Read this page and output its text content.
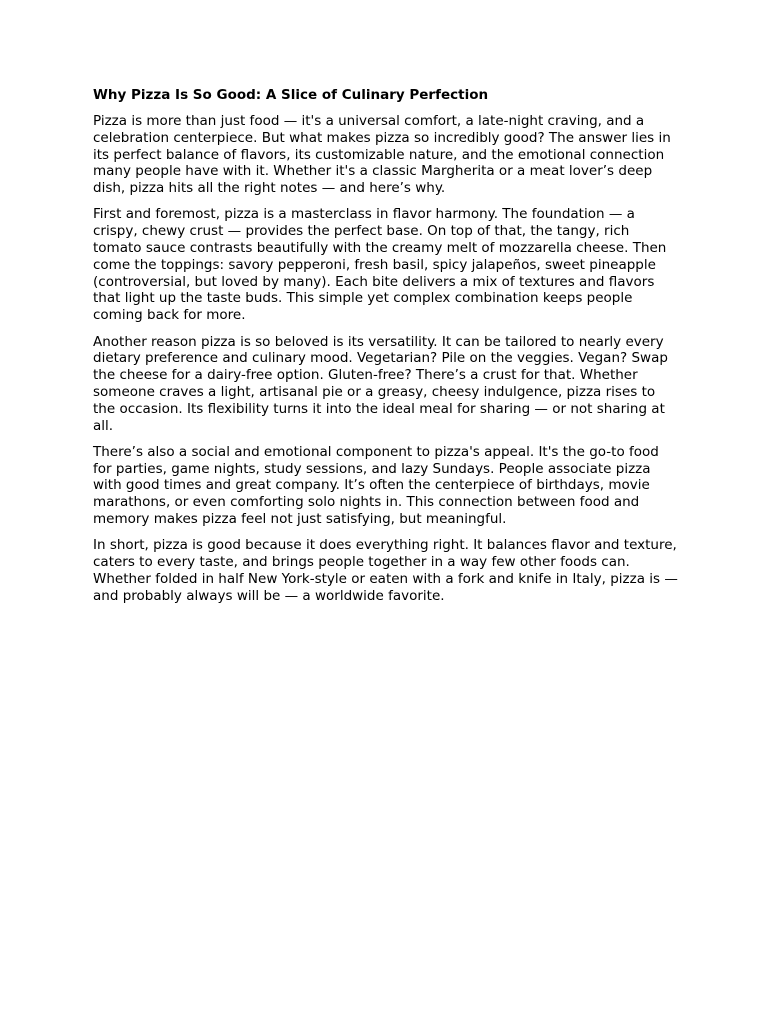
Why Pizza Is So Good: A Slice of Culinary Perfection

Pizza is more than just food — it's a universal comfort, a late-night craving, and a celebration centerpiece. But what makes pizza so incredibly good? The answer lies in its perfect balance of flavors, its customizable nature, and the emotional connection many people have with it. Whether it's a classic Margherita or a meat lover’s deep dish, pizza hits all the right notes — and here’s why.

First and foremost, pizza is a masterclass in flavor harmony. The foundation — a crispy, chewy crust — provides the perfect base. On top of that, the tangy, rich tomato sauce contrasts beautifully with the creamy melt of mozzarella cheese. Then come the toppings: savory pepperoni, fresh basil, spicy jalapeños, sweet pineapple (controversial, but loved by many). Each bite delivers a mix of textures and flavors that light up the taste buds. This simple yet complex combination keeps people coming back for more.

Another reason pizza is so beloved is its versatility. It can be tailored to nearly every dietary preference and culinary mood. Vegetarian? Pile on the veggies. Vegan? Swap the cheese for a dairy-free option. Gluten-free? There’s a crust for that. Whether someone craves a light, artisanal pie or a greasy, cheesy indulgence, pizza rises to the occasion. Its flexibility turns it into the ideal meal for sharing — or not sharing at all.

There’s also a social and emotional component to pizza's appeal. It's the go-to food for parties, game nights, study sessions, and lazy Sundays. People associate pizza with good times and great company. It’s often the centerpiece of birthdays, movie marathons, or even comforting solo nights in. This connection between food and memory makes pizza feel not just satisfying, but meaningful.

In short, pizza is good because it does everything right. It balances flavor and texture, caters to every taste, and brings people together in a way few other foods can. Whether folded in half New York-style or eaten with a fork and knife in Italy, pizza is — and probably always will be — a worldwide favorite.
